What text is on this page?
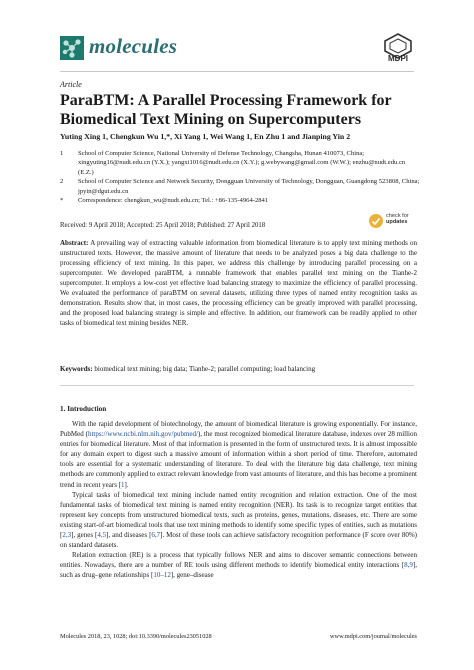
molecules
MDPI
Article
ParaBTM: A Parallel Processing Framework for
Biomedical Text Mining on Supercomputers
Yuting Xing 1, Chengkun Wu 1,*, Xi Yang 1, Wei Wang 1, En Zhu 1 and Jianping Yin 2
1 School of Computer Science, National University of Defense Technology, Changsha, Hunan 410073, China; xingyuting16@nudt.edu.cn (Y.X.); yangxi1016@nudt.edu.cn (X.Y.); g.webywang@gmail.com (W.W.); enzhu@nudt.edu.cn (E.Z.)
2 School of Computer Science and Network Security, Dongguan University of Technology, Dongguan, Guangdong 523808, China; jpyin@dgut.edu.cn
* Correspondence: chengkun_wu@nudt.edu.cn; Tel.: +86-135-4964-2841
Received: 9 April 2018; Accepted: 25 April 2018; Published: 27 April 2018
check for
updates
Abstract: A prevailing way of extracting valuable information from biomedical literature is to apply text mining methods on unstructured texts. However, the massive amount of literature that needs to be analyzed poses a big data challenge to the processing efficiency of text mining. In this paper, we address this challenge by introducing parallel processing on a supercomputer. We developed paraBTM, a runnable framework that enables parallel text mining on the Tianhe-2 supercomputer. It employs a low-cost yet effective load balancing strategy to maximize the efficiency of parallel processing. We evaluated the performance of paraBTM on several datasets, utilizing three types of named entity recognition tasks as demonstration. Results show that, in most cases, the processing efficiency can be greatly improved with parallel processing, and the proposed load balancing strategy is simple and effective. In addition, our framework can be readily applied to other tasks of biomedical text mining besides NER.
Keywords: biomedical text mining; big data; Tianhe-2; parallel computing; load balancing
1. Introduction

With the rapid development of biotechnology, the amount of biomedical literature is growing exponentially. For instance, PubMed (https://www.ncbi.nlm.nih.gov/pubmed/), the most recognized biomedical literature database, indexes over 28 million entries for biomedical literature. Most of that information is presented in the form of unstructured texts. It is almost impossible for any domain expert to digest such a massive amount of information within a short period of time. Therefore, automated tools are essential for a systematic understanding of literature. To deal with the literature big data challenge, text mining methods are commonly applied to extract relevant knowledge from vast amounts of literature, and this has become a prominent trend in recent years [1].

Typical tasks of biomedical text mining include named entity recognition and relation extraction. One of the most fundamental tasks of biomedical text mining is named entity recognition (NER). Its task is to recognize target entities that represent key concepts from unstructured biomedical texts, such as proteins, genes, mutations, diseases, etc. There are some existing start-of-art biomedical tools that use text mining methods to identify some specific types of entities, such as mutations [2,3], genes [4,5], and diseases [6,7]. Most of these tools can achieve satisfactory recognition performance (F score over 80%) on standard datasets.

Relation extraction (RE) is a process that typically follows NER and aims to discover semantic connections between entities. Nowadays, there are a number of RE tools using different methods to identify biomedical entity interactions [8,9], such as drug–gene relationships [10–12], gene–disease

Molecules 2018, 23, 1028; doi:10.3390/molecules23051028	www.mdpi.com/journal/molecules
